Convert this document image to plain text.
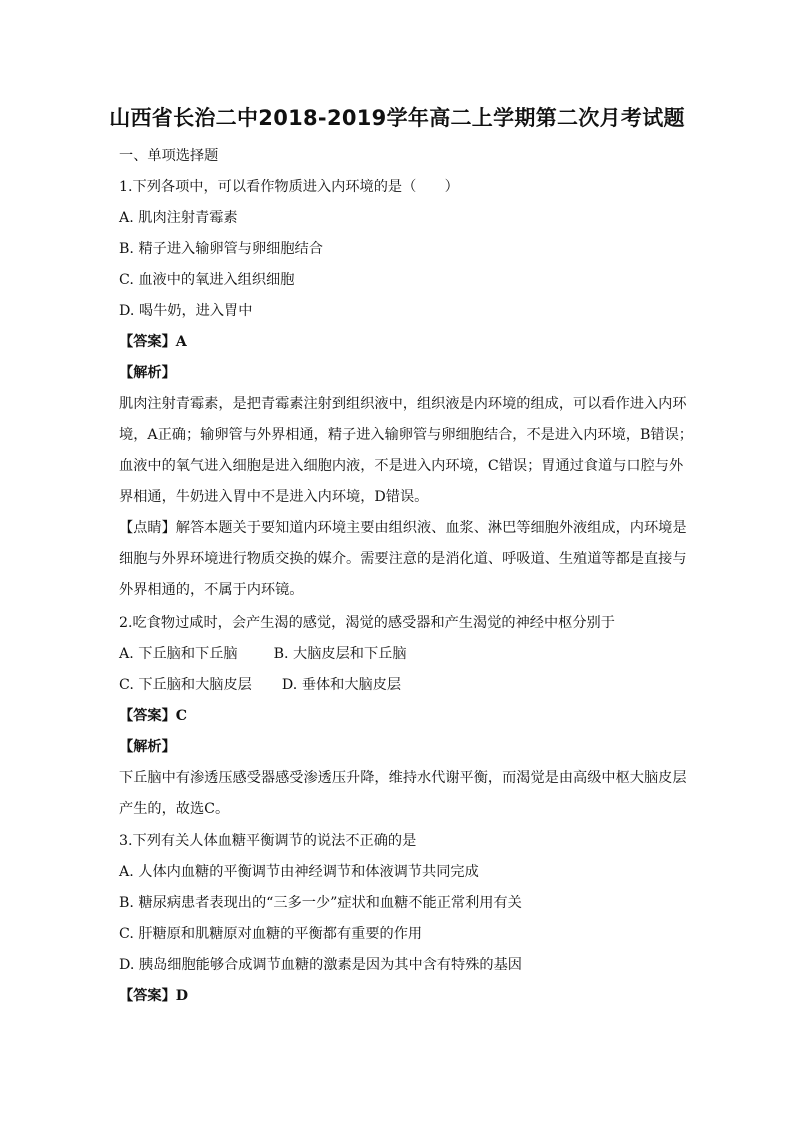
山西省长治二中2018-2019学年高二上学期第二次月考试题
一、单项选择题
1.下列各项中，可以看作物质进入内环境的是（　　）
A. 肌肉注射青霉素
B. 精子进入输卵管与卵细胞结合
C. 血液中的氧进入组织细胞
D. 喝牛奶，进入胃中
【答案】A
【解析】
肌肉注射青霉素，是把青霉素注射到组织液中，组织液是内环境的组成，可以看作进入内环
境，A正确；输卵管与外界相通，精子进入输卵管与卵细胞结合，不是进入内环境，B错误；
血液中的氧气进入细胞是进入细胞内液，不是进入内环境，C错误；胃通过食道与口腔与外
界相通，牛奶进入胃中不是进入内环境，D错误。
【点睛】解答本题关于要知道内环境主要由组织液、血浆、淋巴等细胞外液组成，内环境是
细胞与外界环境进行物质交换的媒介。需要注意的是消化道、呼吸道、生殖道等都是直接与
外界相通的，不属于内环镜。
2.吃食物过咸时，会产生渴的感觉，渴觉的感受器和产生渴觉的神经中枢分别于
A. 下丘脑和下丘脑	B. 大脑皮层和下丘脑
C. 下丘脑和大脑皮层 D. 垂体和大脑皮层
【答案】C
【解析】
下丘脑中有渗透压感受器感受渗透压升降，维持水代谢平衡，而渴觉是由高级中枢大脑皮层
产生的，故选C。
3.下列有关人体血糖平衡调节的说法不正确的是
A. 人体内血糖的平衡调节由神经调节和体液调节共同完成
B. 糖尿病患者表现出的“三多一少”症状和血糖不能正常利用有关
C. 肝糖原和肌糖原对血糖的平衡都有重要的作用
D. 胰岛细胞能够合成调节血糖的激素是因为其中含有特殊的基因
【答案】D
